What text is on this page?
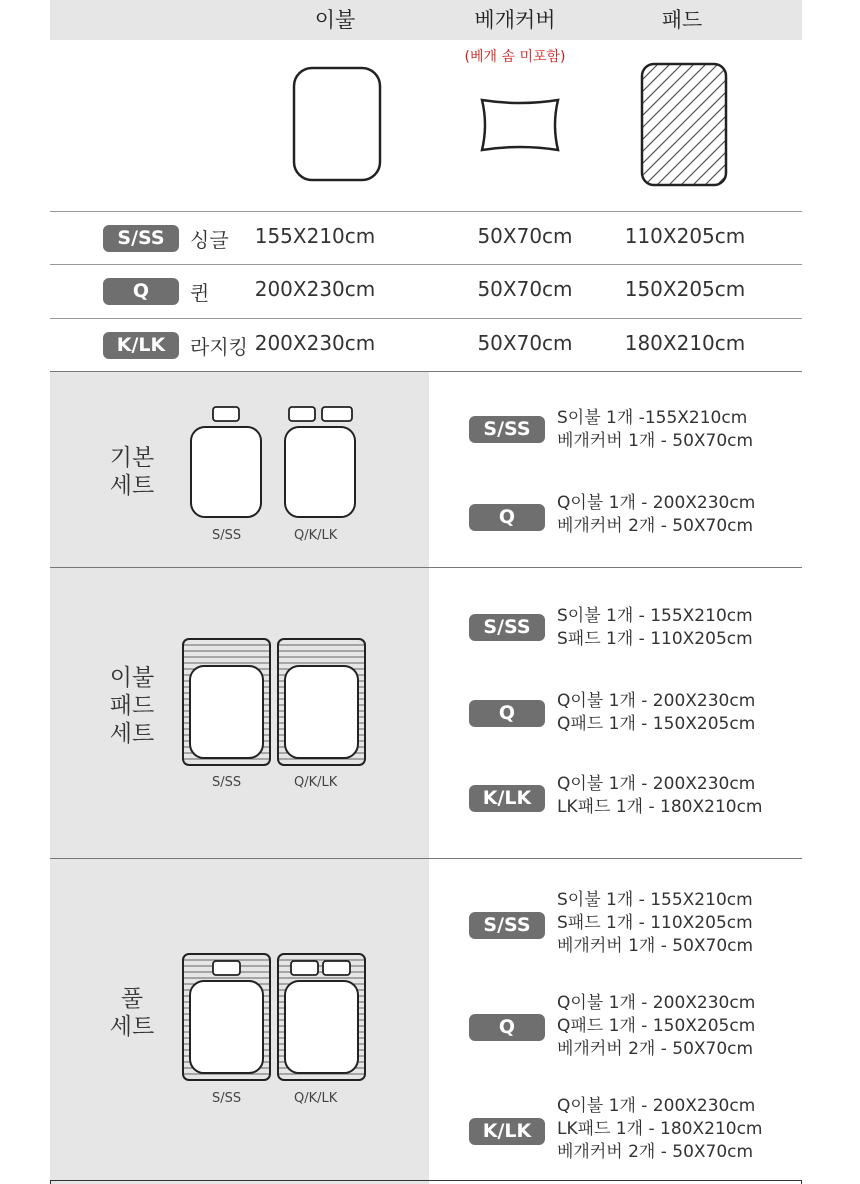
이불	베개커버	패드
(베개 솜 미포함)
S/SS	싱글	155X210cm	50X70cm	110X205cm
Q	퀸	200X230cm	50X70cm	150X205cm
K/LK	라지킹 200X230cm	50X70cm	180X210cm
기본
세트
S/SS	Q/K/LK
S/SS	S이불 1개 -155X210cm
베개커버 1개 - 50X70cm
Q
Q이불 1개 - 200X230cm
베개커버 2개 - 50X70cm
이불
패드
세트
S/SS	Q/K/LK
S/SS	S이불 1개 - 155X210cm
S패드 1개 - 110X205cm
Q
Q이불 1개 - 200X230cm
Q패드 1개 - 150X205cm
K/LK
Q이불 1개 - 200X230cm
LK패드 1개 - 180X210cm
풀
세트
S/SS	Q/K/LK
S/SS
S이불 1개 - 155X210cm
S패드 1개 - 110X205cm
베개커버 1개 - 50X70cm
Q
Q이불 1개 - 200X230cm
Q패드 1개 - 150X205cm
베개커버 2개 - 50X70cm
K/LK
Q이불 1개 - 200X230cm
LK패드 1개 - 180X210cm
베개커버 2개 - 50X70cm
